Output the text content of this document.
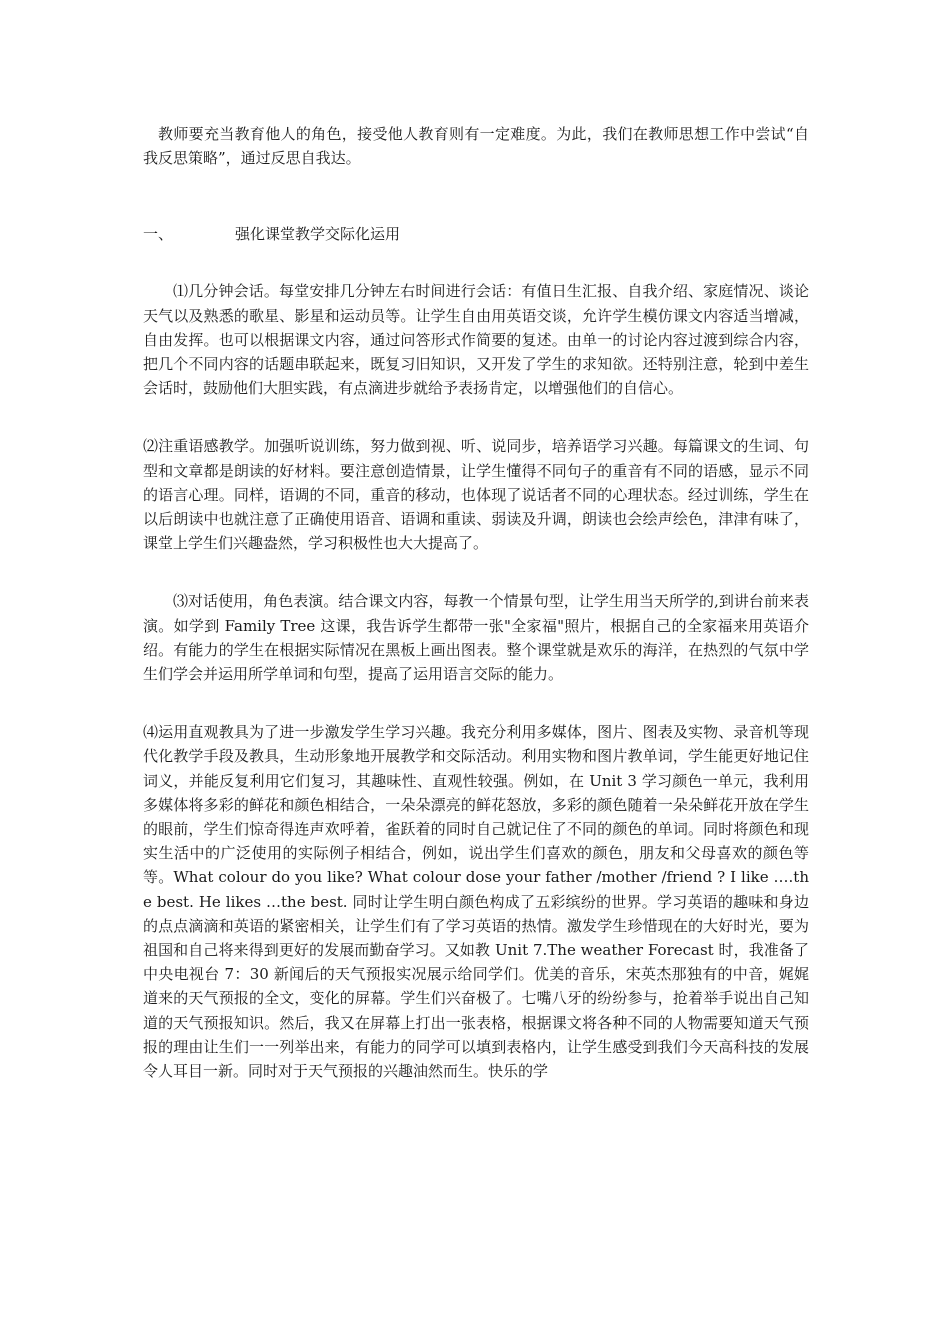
教师要充当教育他人的角色，接受他人教育则有一定难度。为此，我们在教师思想工作中尝试“自我反思策略”，通过反思自我达。

一、	强化课堂教学交际化运用

⑴几分钟会话。每堂安排几分钟左右时间进行会话：有值日生汇报、自我介绍、家庭情况、谈论天气以及熟悉的歌星、影星和运动员等。让学生自由用英语交谈，允许学生模仿课文内容适当增减，自由发挥。也可以根据课文内容，通过问答形式作简要的复述。由单一的讨论内容过渡到综合内容，把几个不同内容的话题串联起来，既复习旧知识，又开发了学生的求知欲。还特别注意，轮到中差生会话时，鼓励他们大胆实践，有点滴进步就给予表扬肯定，以增强他们的自信心。

⑵注重语感教学。加强听说训练，努力做到视、听、说同步，培养语学习兴趣。每篇课文的生词、句型和文章都是朗读的好材料。要注意创造情景，让学生懂得不同句子的重音有不同的语感，显示不同的语言心理。同样，语调的不同，重音的移动，也体现了说话者不同的心理状态。经过训练，学生在以后朗读中也就注意了正确使用语音、语调和重读、弱读及升调，朗读也会绘声绘色，津津有味了，课堂上学生们兴趣盎然，学习积极性也大大提高了。

⑶对话使用，角色表演。结合课文内容，每教一个情景句型，让学生用当天所学的,到讲台前来表演。如学到 Family Tree 这课，我告诉学生都带一张"全家福"照片，根据自己的全家福来用英语介绍。有能力的学生在根据实际情况在黑板上画出图表。整个课堂就是欢乐的海洋，在热烈的气氛中学生们学会并运用所学单词和句型，提高了运用语言交际的能力。

⑷运用直观教具为了进一步激发学生学习兴趣。我充分利用多媒体，图片、图表及实物、录音机等现代化教学手段及教具，生动形象地开展教学和交际活动。利用实物和图片教单词，学生能更好地记住词义，并能反复利用它们复习，其趣味性、直观性较强。例如，在 Unit 3 学习颜色一单元，我利用多媒体将多彩的鲜花和颜色相结合，一朵朵漂亮的鲜花怒放，多彩的颜色随着一朵朵鲜花开放在学生的眼前，学生们惊奇得连声欢呼着，雀跃着的同时自己就记住了不同的颜色的单词。同时将颜色和现实生活中的广泛使用的实际例子相结合，例如，说出学生们喜欢的颜色，朋友和父母喜欢的颜色等等。What colour do you like? What colour dose your father /mother /friend ? I like ….the best. He likes …the best. 同时让学生明白颜色构成了五彩缤纷的世界。学习英语的趣味和身边的点点滴滴和英语的紧密相关，让学生们有了学习英语的热情。激发学生珍惜现在的大好时光，要为祖国和自己将来得到更好的发展而勤奋学习。又如教 Unit 7.The weather Forecast 时，我准备了中央电视台 7：30 新闻后的天气预报实况展示给同学们。优美的音乐，宋英杰那独有的中音，娓娓道来的天气预报的全文，变化的屏幕。学生们兴奋极了。七嘴八牙的纷纷参与，抢着举手说出自己知道的天气预报知识。然后，我又在屏幕上打出一张表格，根据课文将各种不同的人物需要知道天气预报的理由让生们一一列举出来，有能力的同学可以填到表格内，让学生感受到我们今天高科技的发展令人耳目一新。同时对于天气预报的兴趣油然而生。快乐的学
